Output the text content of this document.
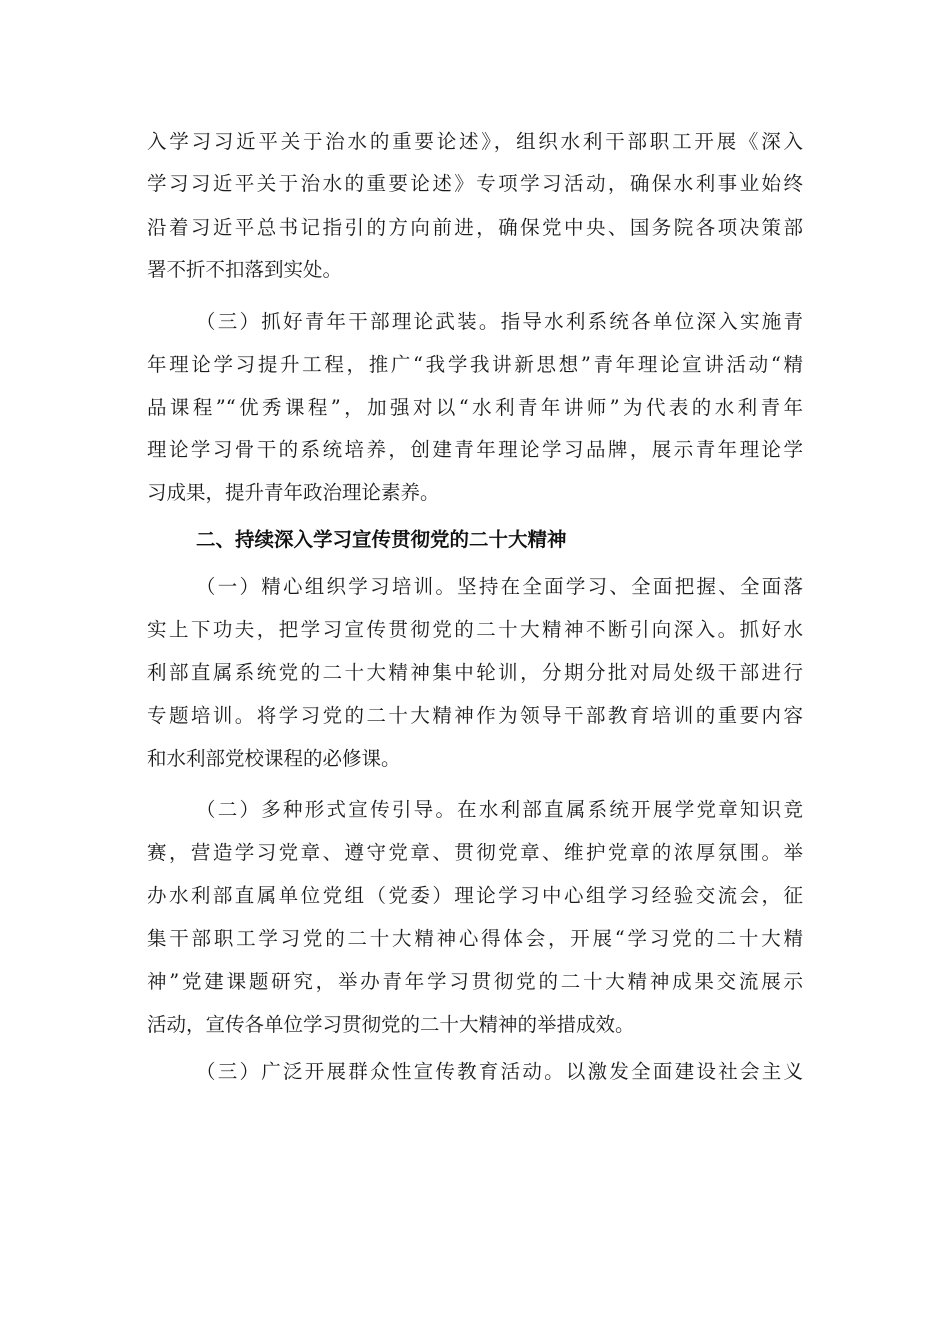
入学习习近平关于治水的重要论述》，组织水利干部职工开展《深入
学习习近平关于治水的重要论述》专项学习活动，确保水利事业始终
沿着习近平总书记指引的方向前进，确保党中央、国务院各项决策部
署不折不扣落到实处。
（三）抓好青年干部理论武装。指导水利系统各单位深入实施青
年理论学习提升工程，推广“我学我讲新思想”青年理论宣讲活动“精
品课程”“优秀课程”，加强对以“水利青年讲师”为代表的水利青年
理论学习骨干的系统培养，创建青年理论学习品牌，展示青年理论学
习成果，提升青年政治理论素养。
二、持续深入学习宣传贯彻党的二十大精神
（一）精心组织学习培训。坚持在全面学习、全面把握、全面落
实上下功夫，把学习宣传贯彻党的二十大精神不断引向深入。抓好水
利部直属系统党的二十大精神集中轮训，分期分批对局处级干部进行
专题培训。将学习党的二十大精神作为领导干部教育培训的重要内容
和水利部党校课程的必修课。
（二）多种形式宣传引导。在水利部直属系统开展学党章知识竞
赛，营造学习党章、遵守党章、贯彻党章、维护党章的浓厚氛围。举
办水利部直属单位党组（党委）理论学习中心组学习经验交流会，征
集干部职工学习党的二十大精神心得体会，开展“学习党的二十大精
神”党建课题研究，举办青年学习贯彻党的二十大精神成果交流展示
活动，宣传各单位学习贯彻党的二十大精神的举措成效。
（三）广泛开展群众性宣传教育活动。以激发全面建设社会主义
